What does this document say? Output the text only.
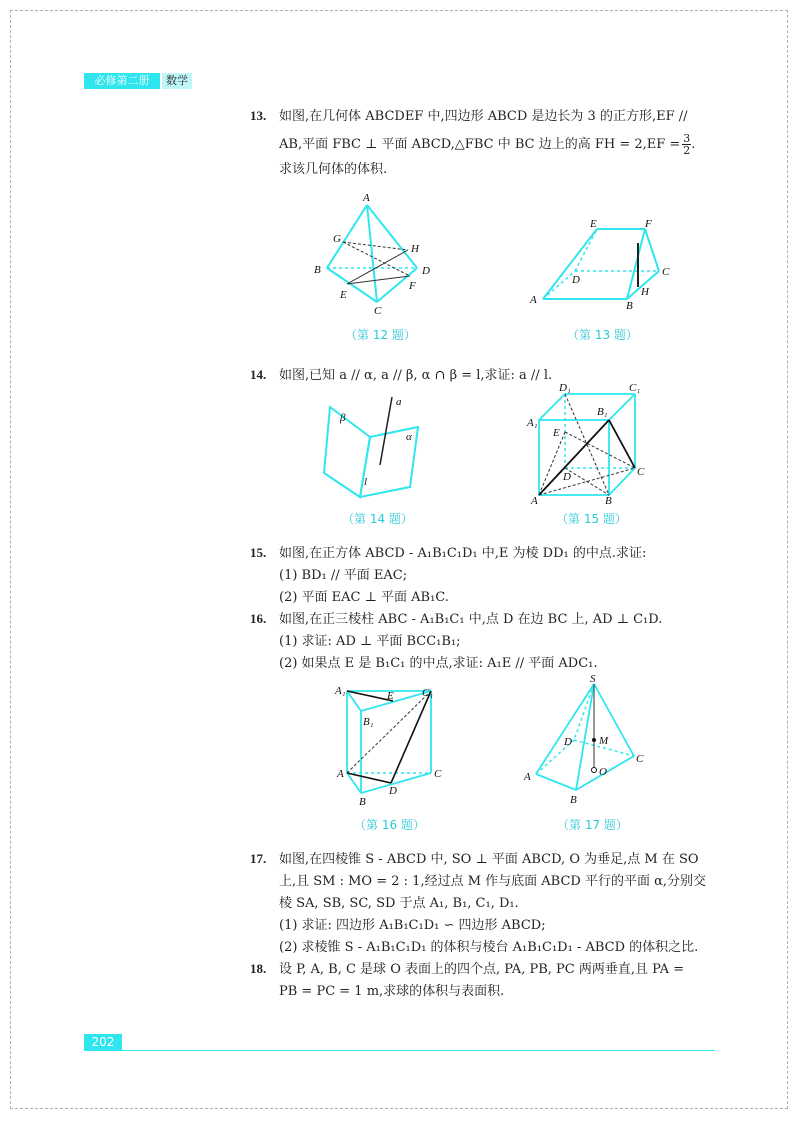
必修第二册	数学
13. 如图,在几何体 ABCDEF 中,四边形 ABCD 是边长为 3 的正方形,EF //
AB,平面 FBC ⊥ 平面 ABCD,△FBC 中 BC 边上的高 FH = $2,EF = \frac{3}{2}$ .
求该几何体的体积.
A
G
H
B	D
E
F
C
（第 12 题）
E	F
D
C
A	B
H
（第 13 题）
14. 如图,已知 a // α, a // β, α ∩ β = l,求证: a // l.
β
a
α
l
（第 14 题）
D₁	C₁
A₁
B₁
E
D	C
A	B
（第 15 题）
15. 如图,在正方体 ABCD - A₁B₁C₁D₁ 中,E 为棱 DD₁ 的中点.求证:
(1) BD₁ // 平面 EAC;
(2) 平面 EAC ⊥ 平面 AB₁C.
16. 如图,在正三棱柱 ABC - A₁B₁C₁ 中,点 D 在边 BC 上, AD ⊥ C₁D.
(1) 求证: AD ⊥ 平面 BCC₁B₁;
(2) 如果点 E 是 B₁C₁ 的中点,求证: A₁E // 平面 ADC₁.
A₁	E	C₁
B₁
A	C
D
B
（第 16 题）
S
D M
C
A	O
B
（第 17 题）
17. 如图,在四棱锥 S - ABCD 中, SO ⊥ 平面 ABCD, O 为垂足,点 M 在 SO
上,且 SM : MO = 2 : 1,经过点 M 作与底面 ABCD 平行的平面 α,分别交
棱 SA, SB, SC, SD 于点 A₁, B₁, C₁, D₁.
(1) 求证: 四边形 A₁B₁C₁D₁ ∽ 四边形 ABCD;
(2) 求棱锥 S - A₁B₁C₁D₁ 的体积与棱台 A₁B₁C₁D₁ - ABCD 的体积之比.
18. 设 P, A, B, C 是球 O 表面上的四个点, PA, PB, PC 两两垂直,且 PA =
PB = PC = 1 m,求球的体积与表面积.
202
